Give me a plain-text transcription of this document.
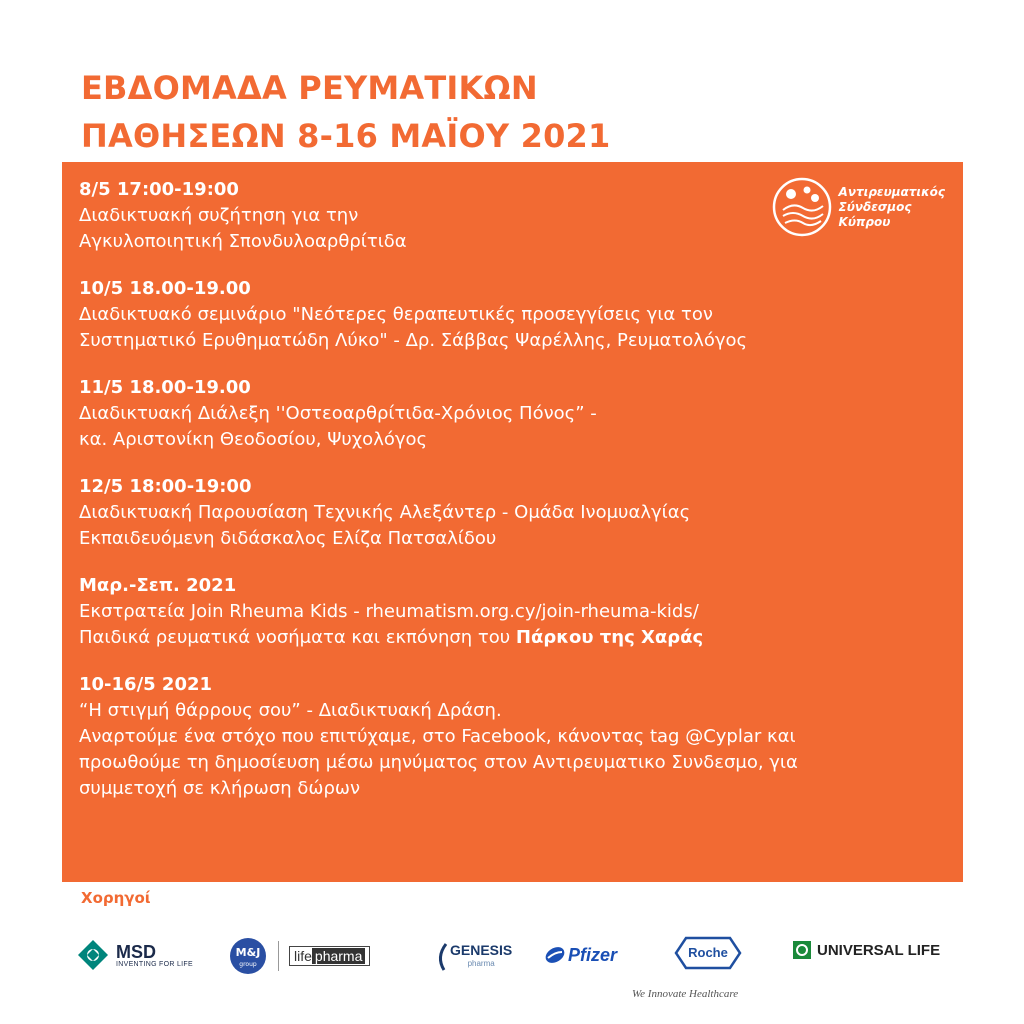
ΕΒΔΟΜΑΔΑ ΡΕΥΜΑΤΙΚΩΝ
ΠΑΘΗΣΕΩΝ 8-16 ΜΑΪΟΥ 2021
Αντιρευματικός
Σύνδεσμος
Κύπρου
8/5 17:00-19:00
Διαδικτυακή συζήτηση για την
Αγκυλοποιητική Σπονδυλοαρθρίτιδα
10/5 18.00-19.00
Διαδικτυακό σεμινάριο "Νεότερες θεραπευτικές προσεγγίσεις για τον
Συστηματικό Ερυθηματώδη Λύκο" - Δρ. Σάββας Ψαρέλλης, Ρευματολόγος
11/5 18.00-19.00
Διαδικτυακή Διάλεξη ''Οστεοαρθρίτιδα-Χρόνιος Πόνος” -
κα. Αριστονίκη Θεοδοσίου, Ψυχολόγος
12/5 18:00-19:00
Διαδικτυακή Παρουσίαση Τεχνικής Αλεξάντερ - Ομάδα Ινομυαλγίας
Εκπαιδευόμενη διδάσκαλος Ελίζα Πατσαλίδου
Μαρ.-Σεπ. 2021
Εκστρατεία Join Rheuma Kids - rheumatism.org.cy/join-rheuma-kids/
Παιδικά ρευματικά νοσήματα και εκπόνηση του Πάρκου της Χαράς
10-16/5 2021
“Η στιγμή θάρρους σου” - Διαδικτυακή Δράση.
Αναρτούμε ένα στόχο που επιτύχαμε, στο Facebook, κάνοντας tag @Cyplar και
προωθούμε τη δημοσίευση μέσω μηνύματος στον Αντιρευματικο Συνδεσμο, για
συμμετοχή σε κλήρωση δώρων
Χορηγοί
MSD
INVENTING FOR LIFE
M&J
group
life pharma	GENESIS
pharma	Pfizer	Roche
We Innovate Healthcare
UNIVERSAL LIFE
